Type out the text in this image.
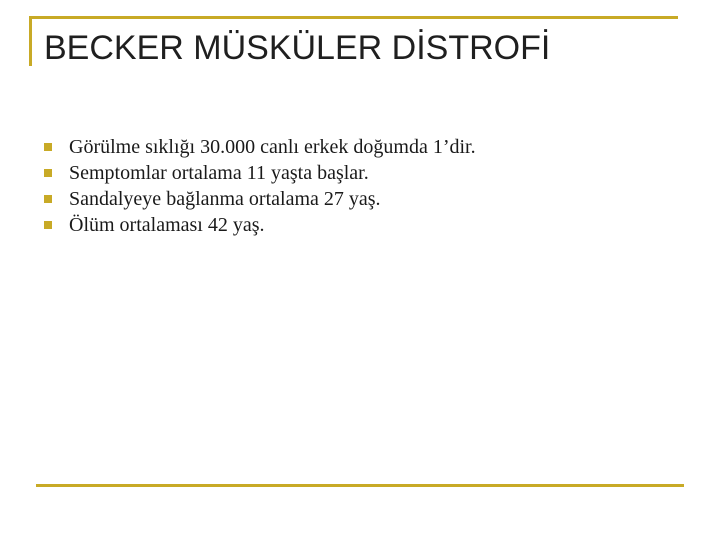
BECKER MÜSKÜLER DİSTROFİ
Görülme sıklığı 30.000 canlı erkek doğumda 1’dir.
Semptomlar ortalama 11 yaşta başlar.
Sandalyeye bağlanma ortalama 27 yaş.
Ölüm ortalaması 42 yaş.
